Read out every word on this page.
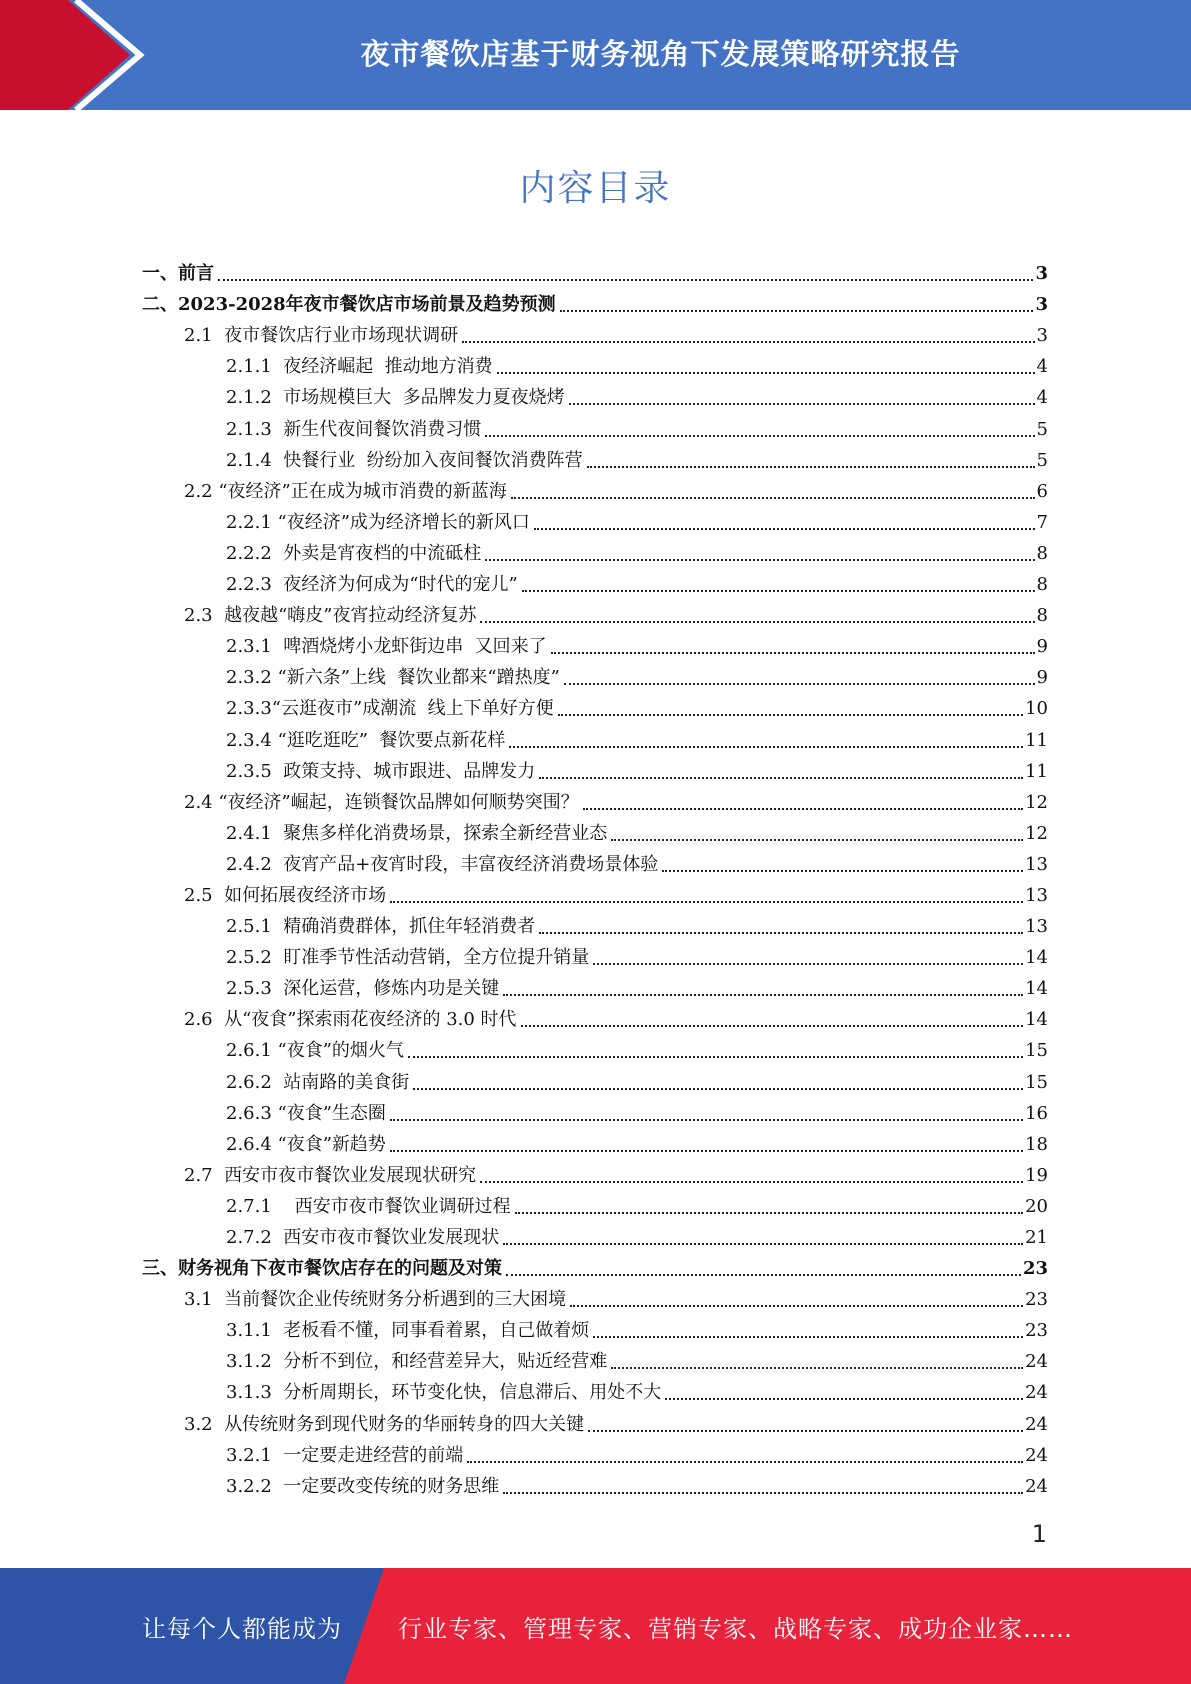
夜市餐饮店基于财务视角下发展策略研究报告
内容目录
一、前言	3
二、2023-2028年夜市餐饮店市场前景及趋势预测	3
2.1  夜市餐饮店行业市场现状调研	3
2.1.1  夜经济崛起  推动地方消费	4
2.1.2  市场规模巨大  多品牌发力夏夜烧烤	4
2.1.3  新生代夜间餐饮消费习惯	5
2.1.4  快餐行业  纷纷加入夜间餐饮消费阵营	5
2.2 “夜经济”正在成为城市消费的新蓝海	6
2.2.1 “夜经济”成为经济增长的新风口	7
2.2.2  外卖是宵夜档的中流砥柱	8
2.2.3  夜经济为何成为“时代的宠儿”	8
2.3  越夜越“嗨皮”夜宵拉动经济复苏	8
2.3.1  啤酒烧烤小龙虾街边串  又回来了	9
2.3.2 “新六条”上线  餐饮业都来“蹭热度”	9
2.3.3“云逛夜市”成潮流  线上下单好方便	10
2.3.4 “逛吃逛吃”  餐饮要点新花样	11
2.3.5  政策支持、城市跟进、品牌发力	11
2.4 “夜经济”崛起，连锁餐饮品牌如何顺势突围？	12
2.4.1  聚焦多样化消费场景，探索全新经营业态	12
2.4.2  夜宵产品+夜宵时段，丰富夜经济消费场景体验	13
2.5  如何拓展夜经济市场	13
2.5.1  精确消费群体，抓住年轻消费者	13
2.5.2  盯准季节性活动营销，全方位提升销量	14
2.5.3  深化运营，修炼内功是关键	14
2.6  从“夜食”探索雨花夜经济的 3.0 时代	14
2.6.1 “夜食”的烟火气	15
2.6.2  站南路的美食街	15
2.6.3 “夜食”生态圈	16
2.6.4 “夜食”新趋势	18
2.7  西安市夜市餐饮业发展现状研究	19
2.7.1    西安市夜市餐饮业调研过程	20
2.7.2  西安市夜市餐饮业发展现状	21
三、财务视角下夜市餐饮店存在的问题及对策	23
3.1  当前餐饮企业传统财务分析遇到的三大困境	23
3.1.1  老板看不懂，同事看着累，自己做着烦	23
3.1.2  分析不到位，和经营差异大，贴近经营难	24
3.1.3  分析周期长，环节变化快，信息滞后、用处不大	24
3.2  从传统财务到现代财务的华丽转身的四大关键	24
3.2.1  一定要走进经营的前端	24
3.2.2  一定要改变传统的财务思维	24
1
让每个人都能成为 行业专家、管理专家、营销专家、战略专家、成功企业家……
